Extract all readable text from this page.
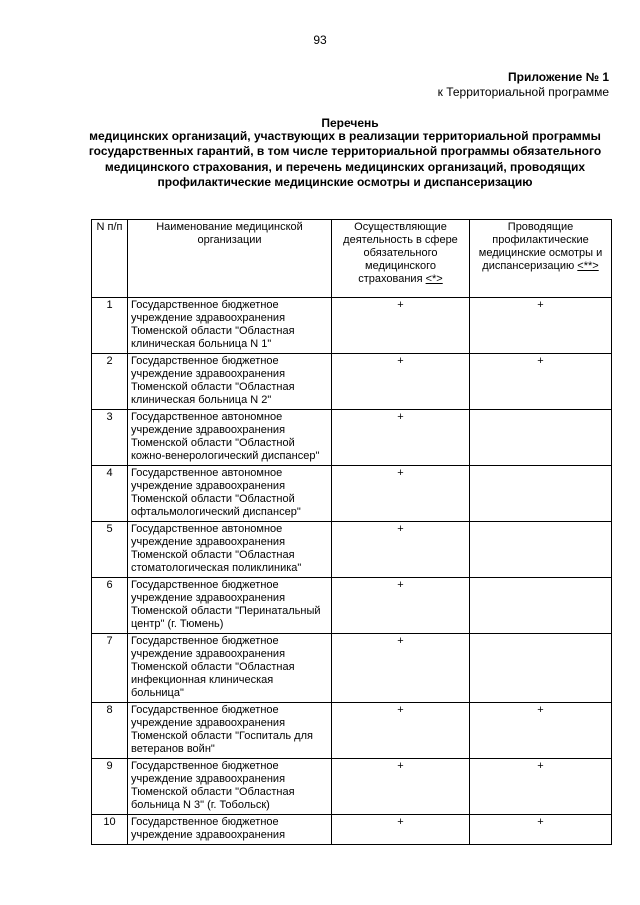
93
Приложение № 1
к Территориальной программе
Перечень
медицинских организаций, участвующих в реализации территориальной программы государственных гарантий, в том числе территориальной программы обязательного медицинского страхования, и перечень медицинских организаций, проводящих профилактические медицинские осмотры и диспансеризацию
N п/п	Наименование медицинской организации	Осуществляющие деятельность в сфере обязательного медицинского страхования <*>	Проводящие профилактические медицинские осмотры и диспансеризацию <**>
1	Государственное бюджетное учреждение здравоохранения Тюменской области "Областная клиническая больница N 1"	+	+
2	Государственное бюджетное учреждение здравоохранения Тюменской области "Областная клиническая больница N 2"	+	+
3	Государственное автономное учреждение здравоохранения Тюменской области "Областной кожно-венерологический диспансер"	+	
4	Государственное автономное учреждение здравоохранения Тюменской области "Областной офтальмологический диспансер"	+	
5	Государственное автономное учреждение здравоохранения Тюменской области "Областная стоматологическая поликлиника"	+	
6	Государственное бюджетное учреждение здравоохранения Тюменской области "Перинатальный центр" (г. Тюмень)	+	
7	Государственное бюджетное учреждение здравоохранения Тюменской области "Областная инфекционная клиническая больница"	+	
8	Государственное бюджетное учреждение здравоохранения Тюменской области "Госпиталь для ветеранов войн"	+	+
9	Государственное бюджетное учреждение здравоохранения Тюменской области "Областная больница N 3" (г. Тобольск)	+	+
10	Государственное бюджетное учреждение здравоохранения	+	+
